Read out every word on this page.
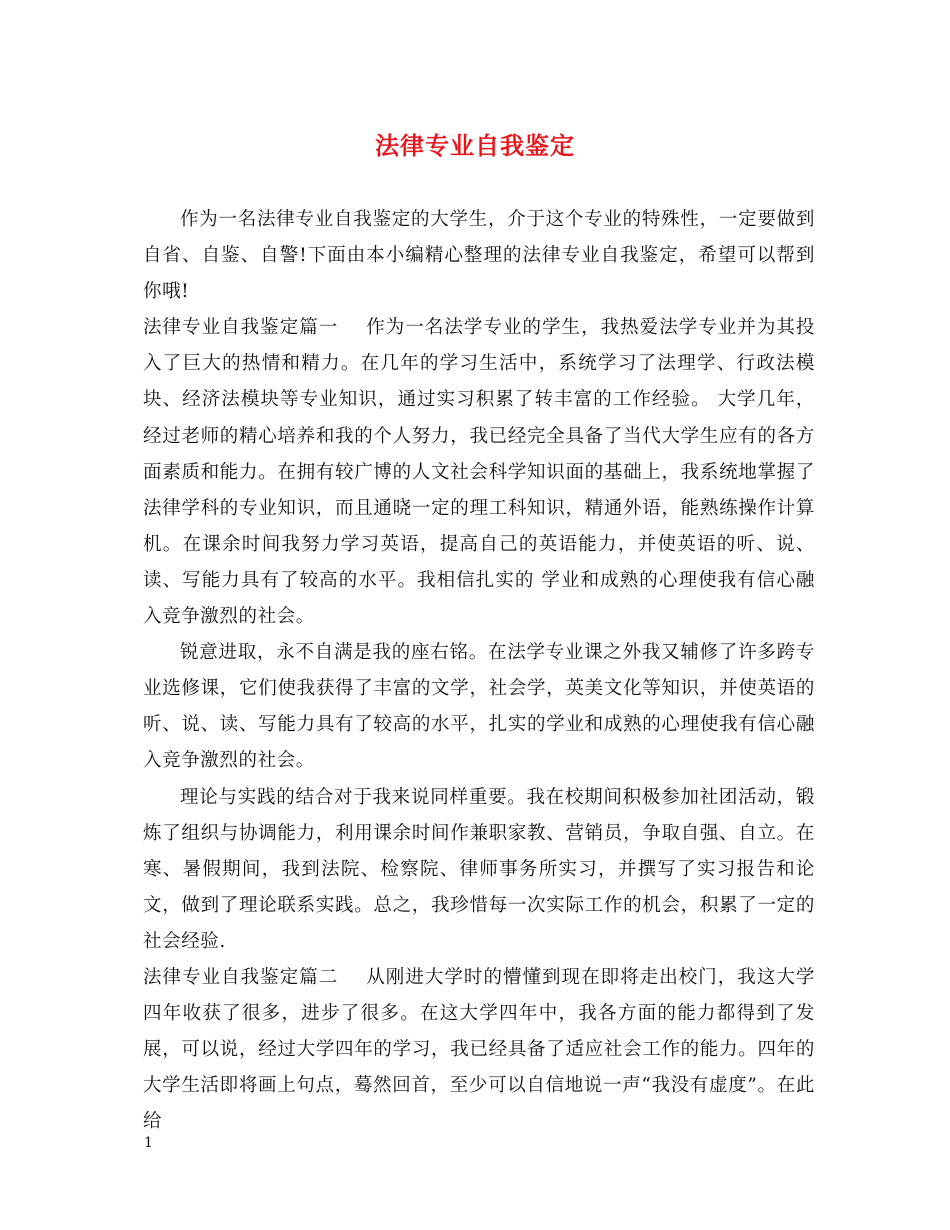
法律专业自我鉴定

作为一名法律专业自我鉴定的大学生，介于这个专业的特殊性，一定要做到自省、自鉴、自警!下面由本小编精心整理的法律专业自我鉴定，希望可以帮到你哦!

法律专业自我鉴定篇一 作为一名法学专业的学生，我热爱法学专业并为其投入了巨大的热情和精力。在几年的学习生活中，系统学习了法理学、行政法模块、经济法模块等专业知识，通过实习积累了转丰富的工作经验。 大学几年，经过老师的精心培养和我的个人努力，我已经完全具备了当代大学生应有的各方面素质和能力。在拥有较广博的人文社会科学知识面的基础上，我系统地掌握了法律学科的专业知识，而且通晓一定的理工科知识，精通外语，能熟练操作计算机。在课余时间我努力学习英语，提高自己的英语能力，并使英语的听、说、读、写能力具有了较高的水平。我相信扎实的 学业和成熟的心理使我有信心融入竞争激烈的社会。

锐意进取，永不自满是我的座右铭。在法学专业课之外我又辅修了许多跨专业选修课，它们使我获得了丰富的文学，社会学，英美文化等知识，并使英语的听、说、读、写能力具有了较高的水平，扎实的学业和成熟的心理使我有信心融入竞争激烈的社会。

理论与实践的结合对于我来说同样重要。我在校期间积极参加社团活动，锻炼了组织与协调能力，利用课余时间作兼职家教、营销员，争取自强、自立。在寒、暑假期间，我到法院、检察院、律师事务所实习，并撰写了实习报告和论文，做到了理论联系实践。总之，我珍惜每一次实际工作的机会，积累了一定的社会经验.

法律专业自我鉴定篇二 从刚进大学时的懵懂到现在即将走出校门，我这大学四年收获了很多，进步了很多。在这大学四年中，我各方面的能力都得到了发展，可以说，经过大学四年的学习，我已经具备了适应社会工作的能力。四年的大学生活即将画上句点，蓦然回首，至少可以自信地说一声“我没有虚度”。在此给

1
